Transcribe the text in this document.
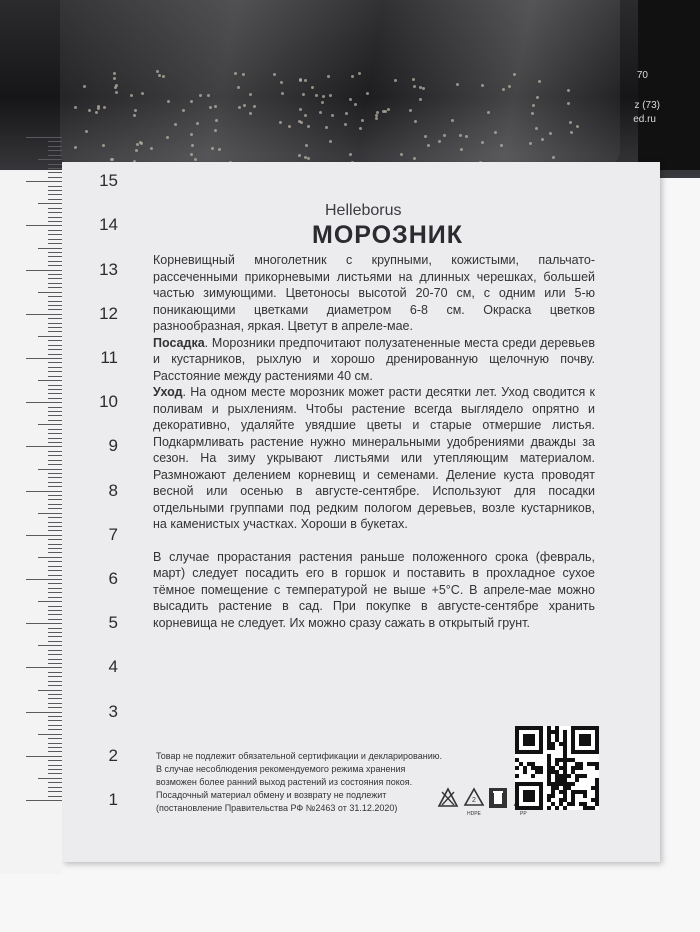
70
z (73)
ed.ru
15
14
13
12
11
10
9
8
7
6
5
4
3
2
1
Helleborus
МОРОЗНИК

Корневищный многолетник с крупными, кожистыми, пальчато-рассеченными прикорневыми листьями на длинных черешках, большей частью зимующими. Цветоносы высотой 20-70 см, с одним или 5-ю поникающими цветками диаметром 6-8 см. Окраска цветков разнообразная, яркая. Цветут в апреле-мае.

Посадка. Морозники предпочитают полузатененные места среди деревьев и кустарников, рыхлую и хорошо дренированную щелочную почву. Расстояние между растениями 40 см.

Уход. На одном месте морозник может расти десятки лет. Уход сводится к поливам и рыхлениям. Чтобы растение всегда выглядело опрятно и декоративно, удаляйте увядшие цветы и старые отмершие листья. Подкармливать растение нужно минеральными удобрениями дважды за сезон. На зиму укрывают листьями или утепляющим материалом. Размножают делением корневищ и семенами. Деление куста проводят весной или осенью в августе-сентябре. Используют для посадки отдельными группами под редким пологом деревьев, возле кустарников, на каменистых участках. Хороши в букетах.

В случае прорастания растения раньше положенного срока (февраль, март) следует посадить его в горшок и поставить в прохладное сухое тёмное помещение с температурой не выше +5°С. В апреле-мае можно высадить растение в сад. При покупке в августе-сентябре хранить корневища не следует. Их можно сразу сажать в открытый грунт.

Товар не подлежит обязательной сертификации и декларированию.
В случае несоблюдения рекомендуемого режима хранения
возможен более ранний выход растений из состояния покоя.
Посадочный материал обмену и возврату не подлежит
(постановление Правительства РФ №2463 от 31.12.2020)
2
HDPE	PP
